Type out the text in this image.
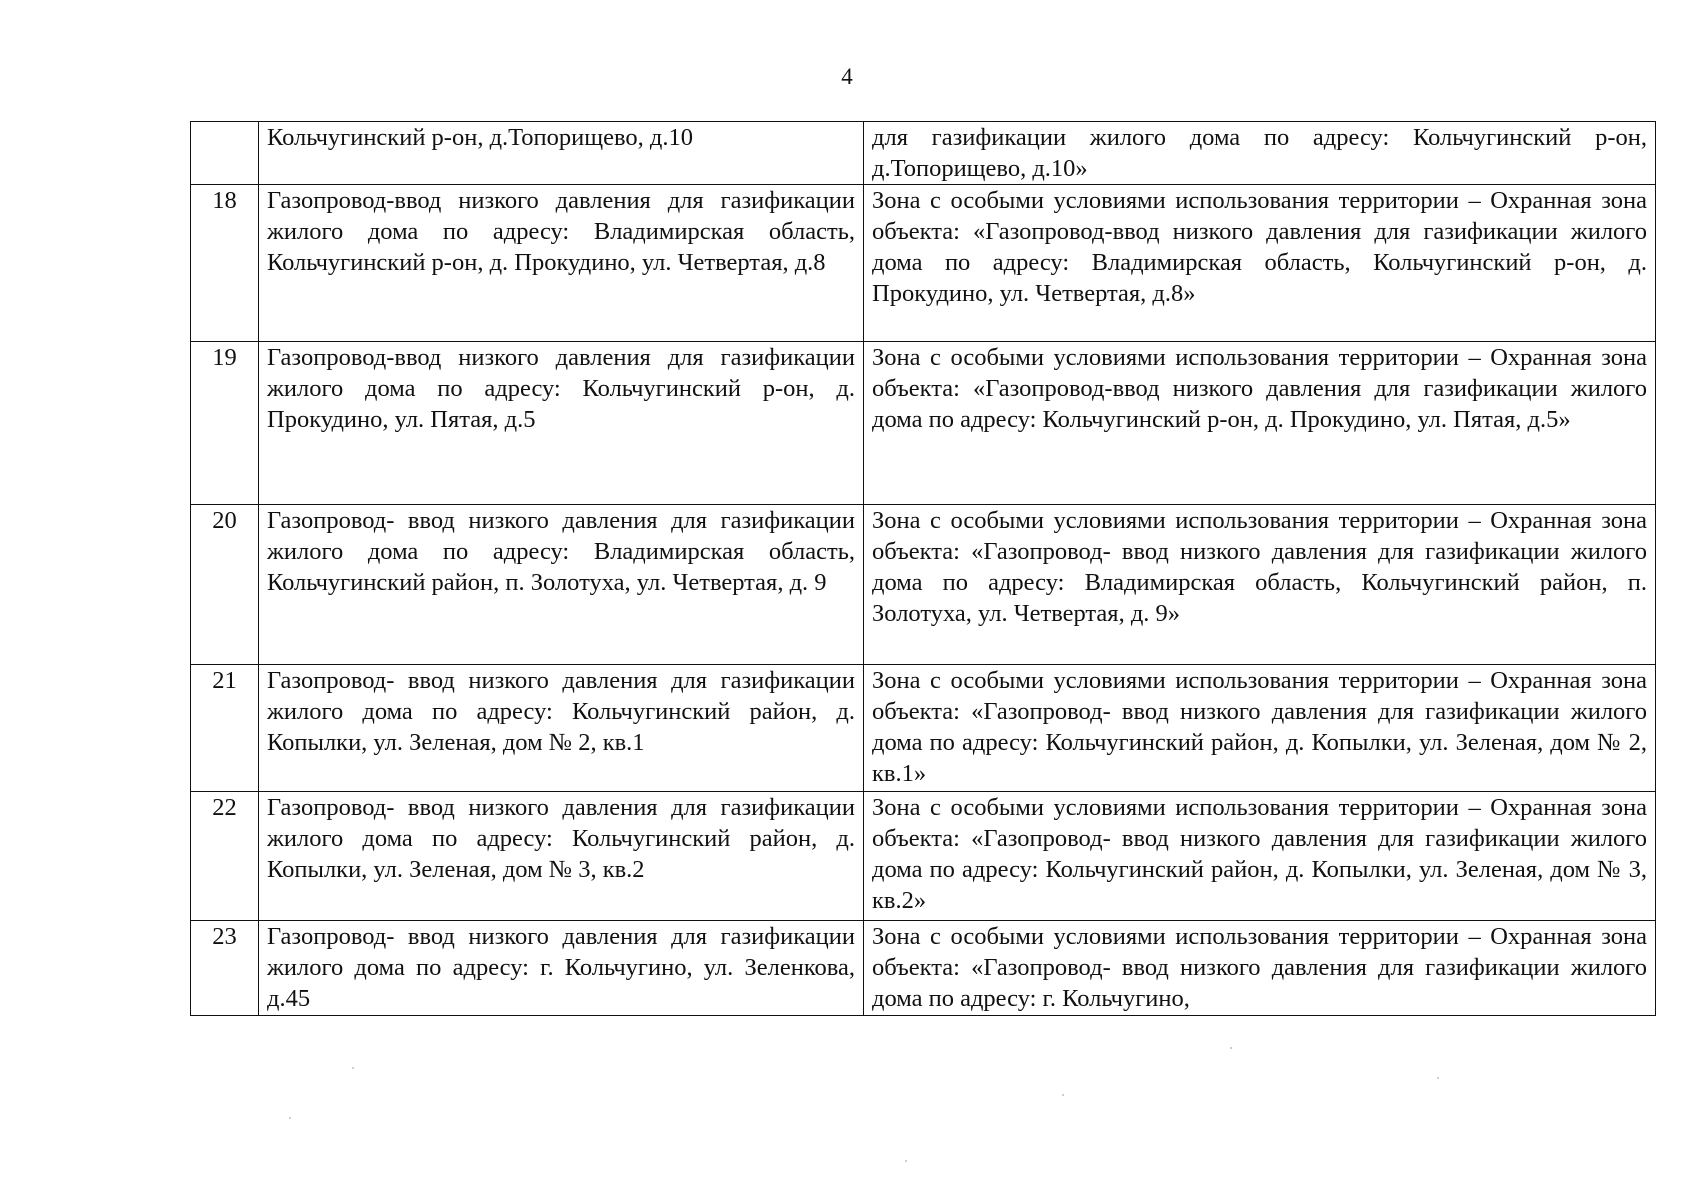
4
	Кольчугинский р-он, д.Топорищево, д.10	для газификации жилого дома по адресу: Кольчугинский р-он, д.Топорищево, д.10»
18	Газопровод-ввод низкого давления для газификации жилого дома по адресу: Владимирская область, Кольчугинский р-он, д. Прокудино, ул. Четвертая, д.8	Зона с особыми условиями использования территории – Охранная зона объекта: «Газопровод-ввод низкого давления для газификации жилого дома по адресу: Владимирская область, Кольчугинский р-он, д. Прокудино, ул. Четвертая, д.8»
19	Газопровод-ввод низкого давления для газификации жилого дома по адресу: Кольчугинский р-он, д. Прокудино, ул. Пятая, д.5	Зона с особыми условиями использования территории – Охранная зона объекта: «Газопровод-ввод низкого давления для газификации жилого дома по адресу: Кольчугинский р-он, д. Прокудино, ул. Пятая, д.5»
20	Газопровод- ввод низкого давления для газификации жилого дома по адресу: Владимирская область, Кольчугинский район, п. Золотуха, ул. Четвертая, д. 9	Зона с особыми условиями использования территории – Охранная зона объекта: «Газопровод- ввод низкого давления для газификации жилого дома по адресу: Владимирская область, Кольчугинский район, п. Золотуха, ул. Четвертая, д. 9»
21	Газопровод- ввод низкого давления для газификации жилого дома по адресу: Кольчугинский район, д. Копылки, ул. Зеленая, дом № 2, кв.1	Зона с особыми условиями использования территории – Охранная зона объекта: «Газопровод- ввод низкого давления для газификации жилого дома по адресу: Кольчугинский район, д. Копылки, ул. Зеленая, дом № 2, кв.1»
22	Газопровод- ввод низкого давления для газификации жилого дома по адресу: Кольчугинский район, д. Копылки, ул. Зеленая, дом № 3, кв.2	Зона с особыми условиями использования территории – Охранная зона объекта: «Газопровод- ввод низкого давления для газификации жилого дома по адресу: Кольчугинский район, д. Копылки, ул. Зеленая, дом № 3, кв.2»
23	Газопровод- ввод низкого давления для газификации жилого дома по адресу: г. Кольчугино, ул. Зеленкова, д.45	Зона с особыми условиями использования территории – Охранная зона объекта: «Газопровод- ввод низкого давления для газификации жилого дома по адресу: г. Кольчугино,
